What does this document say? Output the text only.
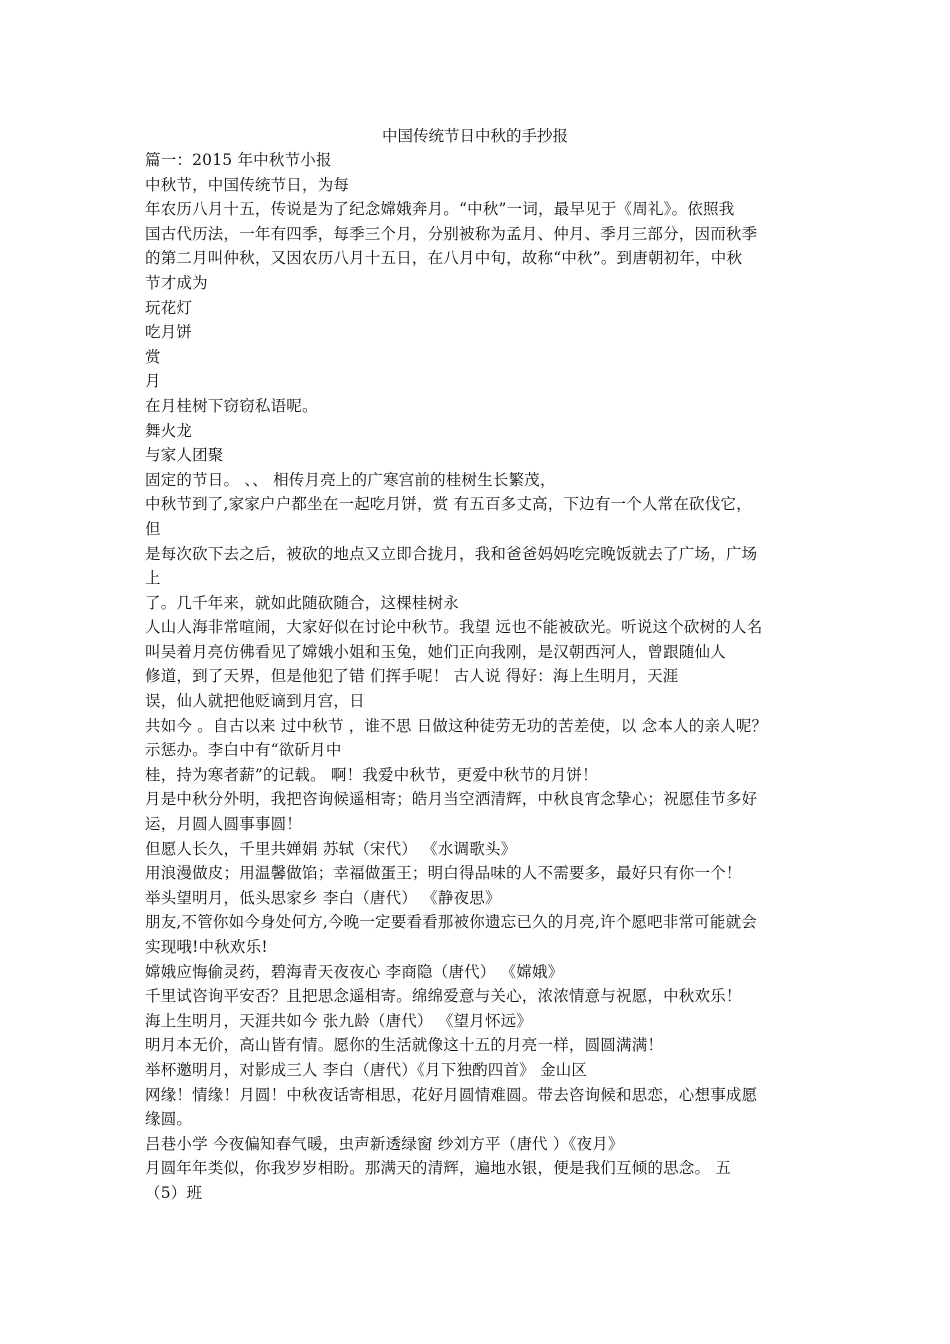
中国传统节日中秋的手抄报
篇一：2015 年中秋节小报
中秋节，中国传统节日，为每
年农历八月十五，传说是为了纪念嫦娥奔月。“中秋”一词，最早见于《周礼》。依照我
国古代历法，一年有四季，每季三个月，分别被称为孟月、仲月、季月三部分，因而秋季
的第二月叫仲秋，又因农历八月十五日，在八月中旬，故称“中秋”。到唐朝初年，中秋
节才成为
玩花灯
吃月饼
赏
月
在月桂树下窃窃私语呢。
舞火龙
与家人团聚
固定的节日。 、、 相传月亮上的广寒宫前的桂树生长繁茂，
中秋节到了,家家户户都坐在一起吃月饼，赏 有五百多丈高，下边有一个人常在砍伐它，
但
是每次砍下去之后，被砍的地点又立即合拢月，我和爸爸妈妈吃完晚饭就去了广场，广场
上
了。几千年来，就如此随砍随合，这棵桂树永
人山人海非常喧闹，大家好似在讨论中秋节。我望 远也不能被砍光。听说这个砍树的人名
叫吴着月亮仿佛看见了嫦娥小姐和玉兔，她们正向我刚，是汉朝西河人，曾跟随仙人
修道，到了天界，但是他犯了错 们挥手呢！ 古人说 得好：海上生明月，天涯
误，仙人就把他贬谪到月宫，日
共如今 。自古以来 过中秋节 ，谁不思 日做这种徒劳无功的苦差使，以 念本人的亲人呢？
示惩办。李白中有“欲斫月中
桂，持为寒者薪”的记载。 啊！我爱中秋节，更爱中秋节的月饼！
月是中秋分外明，我把咨询候遥相寄；皓月当空洒清辉，中秋良宵念挚心；祝愿佳节多好
运，月圆人圆事事圆！
但愿人长久，千里共婵娟 苏轼（宋代） 《水调歌头》
用浪漫做皮；用温馨做馅；幸福做蛋王；明白得品味的人不需要多，最好只有你一个！
举头望明月，低头思家乡 李白（唐代） 《静夜思》
朋友,不管你如今身处何方,今晚一定要看看那被你遗忘已久的月亮,许个愿吧非常可能就会
实现哦!中秋欢乐!
嫦娥应悔偷灵药，碧海青天夜夜心 李商隐（唐代） 《嫦娥》
千里试咨询平安否？且把思念遥相寄。绵绵爱意与关心，浓浓情意与祝愿，中秋欢乐！
海上生明月，天涯共如今 张九龄（唐代） 《望月怀远》
明月本无价，高山皆有情。愿你的生活就像这十五的月亮一样，圆圆满满！
举杯邀明月，对影成三人 李白（唐代）《月下独酌四首》 金山区
网缘！情缘！月圆！中秋夜话寄相思，花好月圆情难圆。带去咨询候和思恋，心想事成愿
缘圆。
吕巷小学 今夜偏知春气暖，虫声新透绿窗 纱刘方平（唐代 ）《夜月》
月圆年年类似，你我岁岁相盼。那满天的清辉，遍地水银，便是我们互倾的思念。 五
（5）班
